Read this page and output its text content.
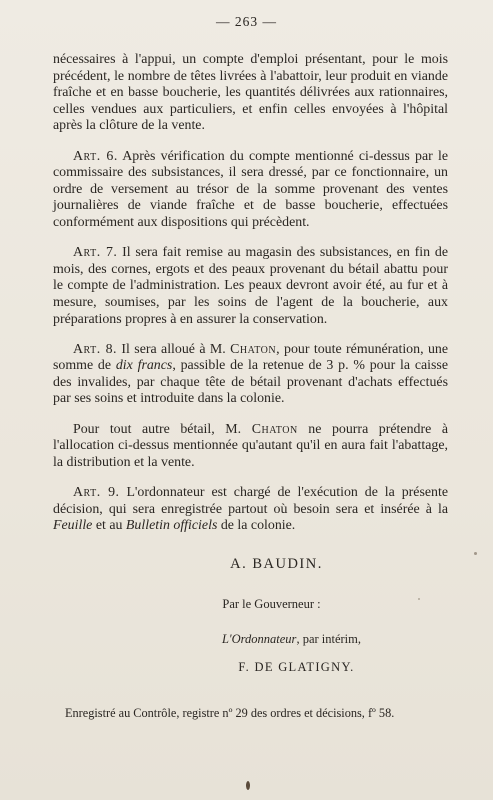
— 263 —

nécessaires à l'appui, un compte d'emploi présentant, pour le mois précédent, le nombre de têtes livrées à l'abattoir, leur produit en viande fraîche et en basse boucherie, les quantités délivrées aux rationnaires, celles vendues aux particuliers, et enfin celles envoyées à l'hôpital après la clôture de la vente.

Art. 6. Après vérification du compte mentionné ci-dessus par le commissaire des subsistances, il sera dressé, par ce fonctionnaire, un ordre de versement au trésor de la somme provenant des ventes journalières de viande fraîche et de basse boucherie, effectuées conformément aux dispositions qui précèdent.

Art. 7. Il sera fait remise au magasin des subsistances, en fin de mois, des cornes, ergots et des peaux provenant du bétail abattu pour le compte de l'administration. Les peaux devront avoir été, au fur et à mesure, soumises, par les soins de l'agent de la boucherie, aux préparations propres à en assurer la conservation.

Art. 8. Il sera alloué à M. Chaton, pour toute rémunération, une somme de dix francs, passible de la retenue de 3 p. % pour la caisse des invalides, par chaque tête de bétail provenant d'achats effectués par ses soins et introduite dans la colonie.

Pour tout autre bétail, M. Chaton ne pourra prétendre à l'allocation ci-dessus mentionnée qu'autant qu'il en aura fait l'abattage, la distribution et la vente.

Art. 9. L'ordonnateur est chargé de l'exécution de la présente décision, qui sera enregistrée partout où besoin sera et insérée à la Feuille et au Bulletin officiels de la colonie.

A. BAUDIN.
Par le Gouverneur :
L'Ordonnateur, par intérim,
F. DE GLATIGNY.
Enregistré au Contrôle, registre nº 29 des ordres et décisions, fº 58.
